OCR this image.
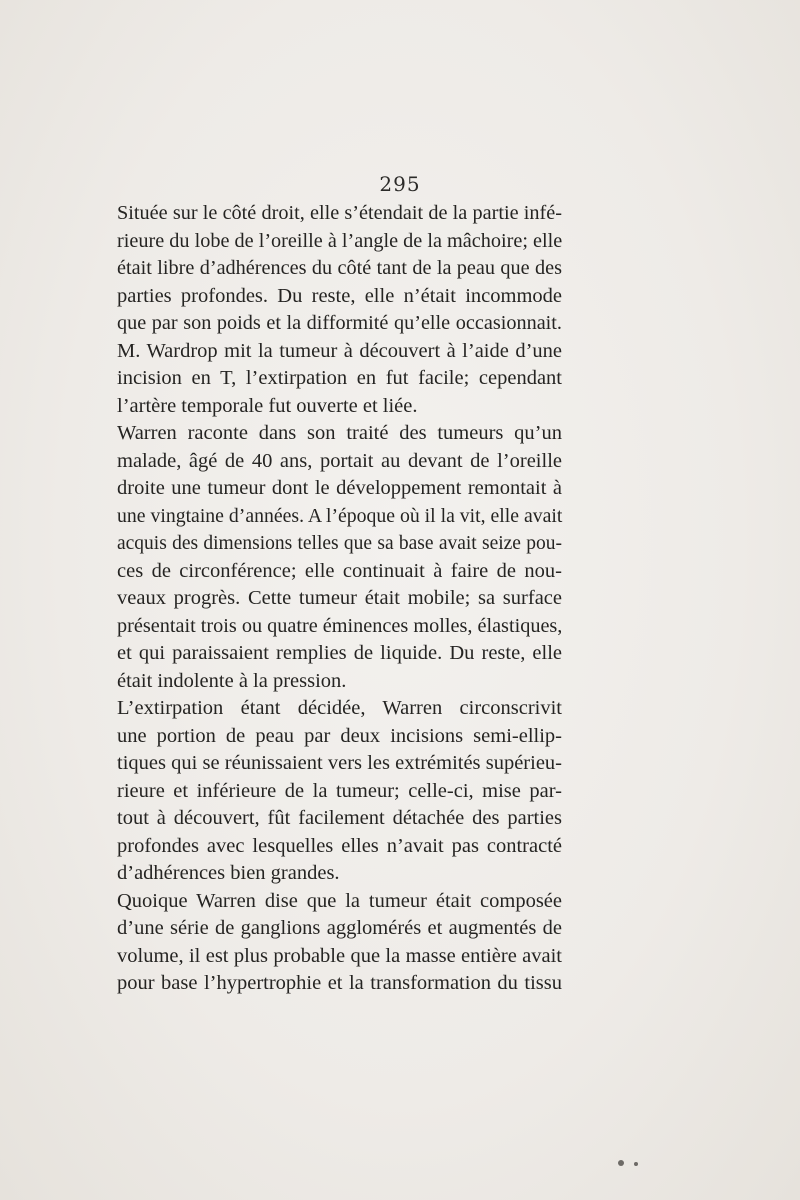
295
Située sur le côté droit, elle s’étendait de la partie infé-
rieure du lobe de l’oreille à l’angle de la mâchoire; elle
était libre d’adhérences du côté tant de la peau que des
parties profondes. Du reste, elle n’était incommode
que par son poids et la difformité qu’elle occasionnait.
M. Wardrop mit la tumeur à découvert à l’aide d’une
incision en T, l’extirpation en fut facile; cependant
l’artère temporale fut ouverte et liée.
Warren raconte dans son traité des tumeurs qu’un
malade, âgé de 40 ans, portait au devant de l’oreille
droite une tumeur dont le développement remontait à
une vingtaine d’années. A l’époque où il la vit, elle avait
acquis des dimensions telles que sa base avait seize pou-
ces de circonférence; elle continuait à faire de nou-
veaux progrès. Cette tumeur était mobile; sa surface
présentait trois ou quatre éminences molles, élastiques,
et qui paraissaient remplies de liquide. Du reste, elle
était indolente à la pression.
L’extirpation étant décidée, Warren circonscrivit
une portion de peau par deux incisions semi-ellip-
tiques qui se réunissaient vers les extrémités supérieu-
rieure et inférieure de la tumeur; celle-ci, mise par-
tout à découvert, fût facilement détachée des parties
profondes avec lesquelles elles n’avait pas contracté
d’adhérences bien grandes.
Quoique Warren dise que la tumeur était composée
d’une série de ganglions agglomérés et augmentés de
volume, il est plus probable que la masse entière avait
pour base l’hypertrophie et la transformation du tissu
